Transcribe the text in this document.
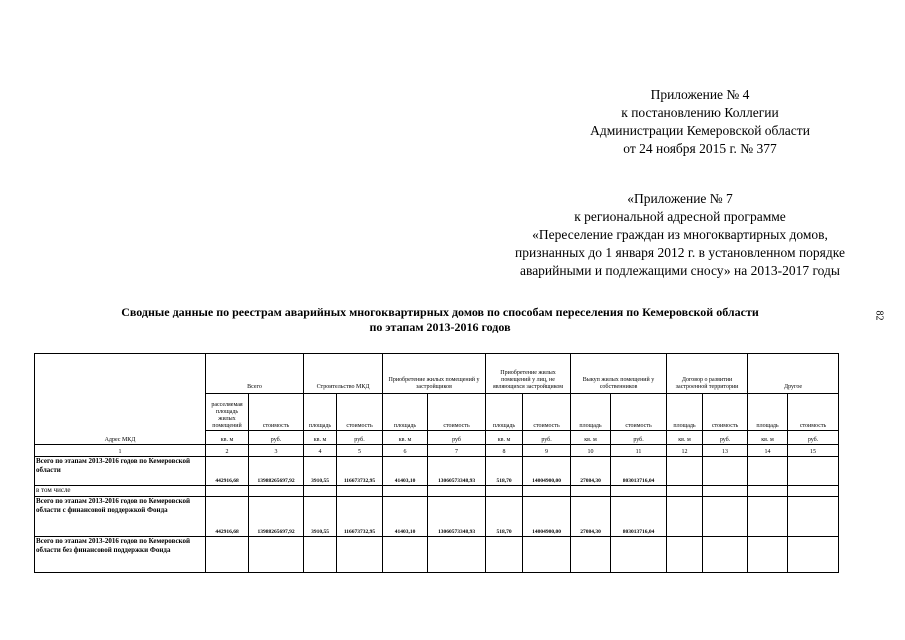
Приложение № 4
к постановлению Коллегии
Администрации Кемеровской области
от 24 ноября 2015 г. № 377
«Приложение № 7
к региональной адресной программе
«Переселение граждан из многоквартирных домов,
признанных до 1 января 2012 г. в установленном порядке
аварийными и подлежащими сносу» на 2013-2017 годы
Сводные данные по реестрам аварийных многоквартирных домов по способам переселения по Кемеровской области
по этапам 2013-2016 годов
82
Адрес МКД	Всего		Строительство МКД		Приобретение жилых помещений у застройщиков		Приобретение жилых помещений у лиц, не являющихся застройщиком		Выкуп жилых помещений у собственников		Договор о развитии застроенной территории		Другое	
	расселяемая площадь жилых помещений	стоимость	площадь	стоимость	площадь	стоимость	площадь	стоимость	площадь	стоимость	площадь	стоимость	площадь	стоимость
	кв. м	руб.	кв. м	руб.	кв. м	руб	кв. м	руб.	кв. м	руб.	кв. м	руб.	кв. м	руб.
1	2	3	4	5	6	7	8	9	10	11	12	13	14	15
Всего по этапам 2013-2016 годов по Кемеровской области	442916,68	13988265697,92	3910,55	116673732,95	41403,10	13060573348,93	518,70	14004900,00	27084,30	803013716,04				
в том числе														
Всего по этапам 2013-2016 годов по Кемеровской области с финансовой поддержкой Фонда	442916,68	13988265697,92	3910,55	116673732,95	41403,10	13060573348,93	518,70	14004900,00	27084,30	803013716,04				
Всего по этапам 2013-2016 годов по Кемеровской области без финансовой поддержки Фонда														
